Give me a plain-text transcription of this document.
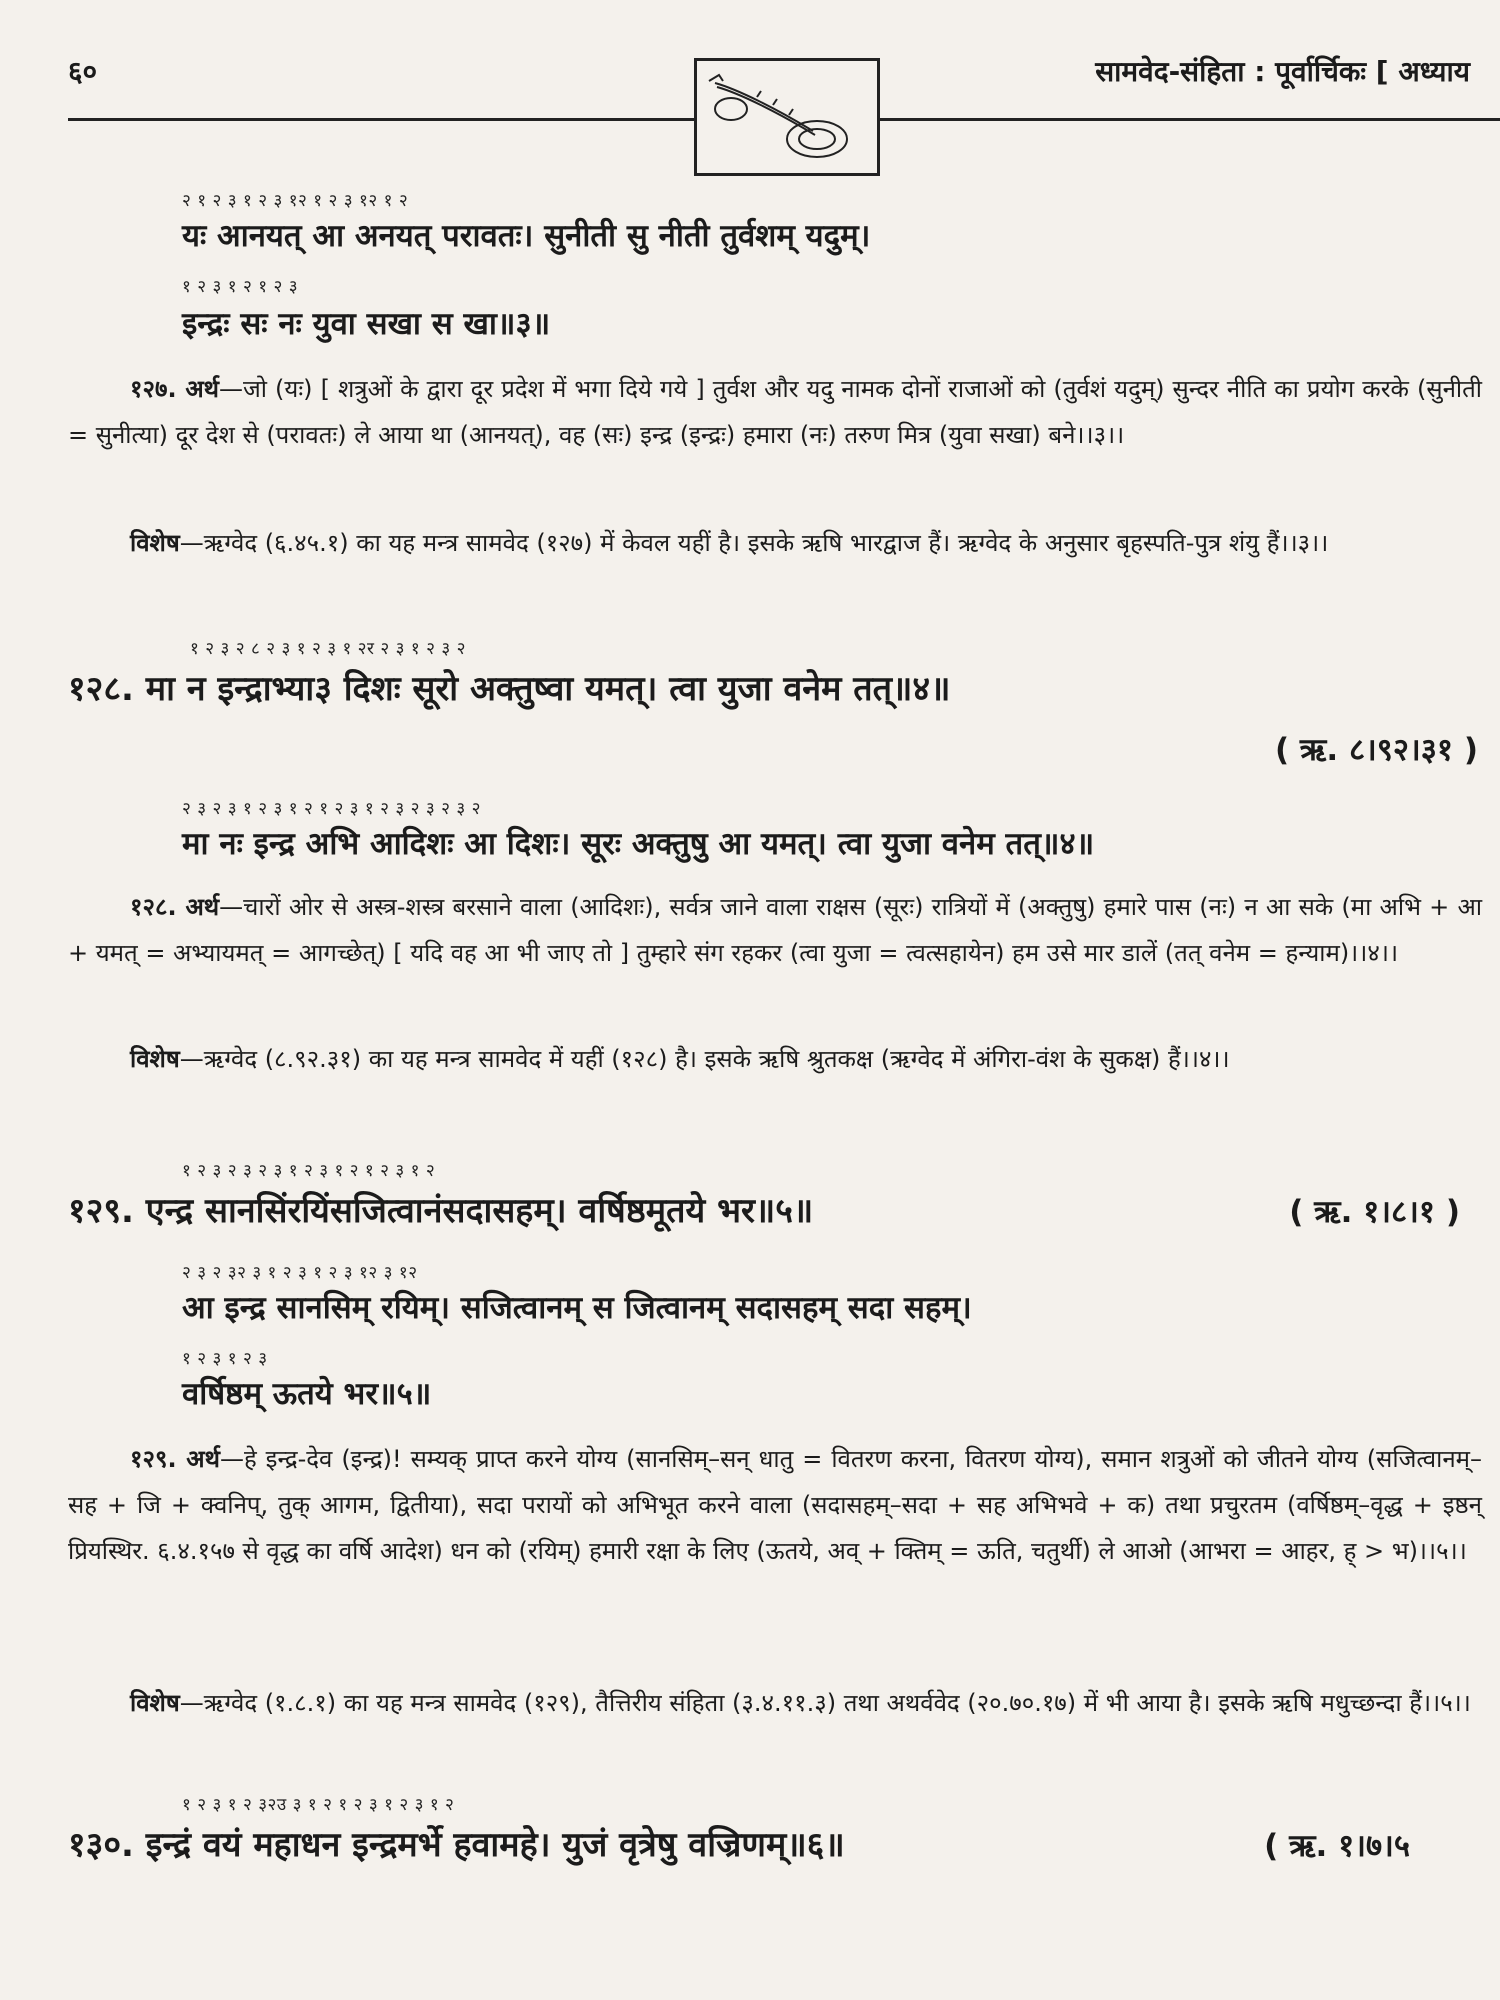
६०	सामवेद-संहिता : पूर्वार्चिकः [ अध्याय
२ १ २ ३ १ २ ३ १२ १ २ ३ १२ १ २
यः आनयत् आ अनयत् परावतः। सुनीती सु नीती तुर्वशम् यदुम्।
१ २ ३ १ २ १ २ ३
इन्द्रः सः नः युवा सखा स खा॥३॥
१२७. अर्थ—जो (यः) [ शत्रुओं के द्वारा दूर प्रदेश में भगा दिये गये ] तुर्वश और यदु नामक दोनों राजाओं को (तुर्वशं यदुम्) सुन्दर नीति का प्रयोग करके (सुनीती = सुनीत्या) दूर देश से (परावतः) ले आया था (आनयत्), वह (सः) इन्द्र (इन्द्रः) हमारा (नः) तरुण मित्र (युवा सखा) बने।।३।।
विशेष—ऋग्वेद (६.४५.१) का यह मन्त्र सामवेद (१२७) में केवल यहीं है। इसके ऋषि भारद्वाज हैं। ऋग्वेद के अनुसार बृहस्पति-पुत्र शंयु हैं।।३।।
१ २ ३ २ ८ २ ३ १ २ ३ १ २र २ ३ १ २ ३ २
१२८. मा न इन्द्राभ्या३ दिशः सूरो अक्तुष्वा यमत्। त्वा युजा वनेम तत्॥४॥
( ऋ. ८।९२।३१ )
२ ३ २ ३ १ २ ३ १ २ १ २ ३ १ २ ३ २ ३ २ ३ २
मा नः इन्द्र अभि आदिशः आ दिशः। सूरः अक्तुषु आ यमत्। त्वा युजा वनेम तत्॥४॥
१२८. अर्थ—चारों ओर से अस्त्र-शस्त्र बरसाने वाला (आदिशः), सर्वत्र जाने वाला राक्षस (सूरः) रात्रियों में (अक्तुषु) हमारे पास (नः) न आ सके (मा अभि + आ + यमत् = अभ्यायमत् = आगच्छेत्) [ यदि वह आ भी जाए तो ] तुम्हारे संग रहकर (त्वा युजा = त्वत्सहायेन) हम उसे मार डालें (तत् वनेम = हन्याम)।।४।।
विशेष—ऋग्वेद (८.९२.३१) का यह मन्त्र सामवेद में यहीं (१२८) है। इसके ऋषि श्रुतकक्ष (ऋग्वेद में अंगिरा-वंश के सुकक्ष) हैं।।४।।
१ २ ३ २ ३ २ ३ १ २ ३ १ २ १ २ ३ १ २
१२९. एन्द्र सानसिंरयिंसजित्वानंसदासहम्। वर्षिष्ठमूतये भर॥५॥	( ऋ. १।८।१ )
२ ३ २ ३२ ३ १ २ ३ १ २ ३ १२ ३ १२
आ इन्द्र सानसिम् रयिम्। सजित्वानम् स जित्वानम् सदासहम् सदा सहम्।
१ २ ३ १ २ ३
वर्षिष्ठम् ऊतये भर॥५॥
१२९. अर्थ—हे इन्द्र-देव (इन्द्र)! सम्यक् प्राप्त करने योग्य (सानसिम्–सन् धातु = वितरण करना, वितरण योग्य), समान शत्रुओं को जीतने योग्य (सजित्वानम्–सह + जि + क्वनिप्, तुक् आगम, द्वितीया), सदा परायों को अभिभूत करने वाला (सदासहम्–सदा + सह अभिभवे + क) तथा प्रचुरतम (वर्षिष्ठम्–वृद्ध + इष्ठन् प्रियस्थिर. ६.४.१५७ से वृद्ध का वर्षि आदेश) धन को (रयिम्) हमारी रक्षा के लिए (ऊतये, अव् + क्तिम् = ऊति, चतुर्थी) ले आओ (आभरा = आहर, ह् > भ)।।५।।
विशेष—ऋग्वेद (१.८.१) का यह मन्त्र सामवेद (१२९), तैत्तिरीय संहिता (३.४.११.३) तथा अथर्ववेद (२०.७०.१७) में भी आया है। इसके ऋषि मधुच्छन्दा हैं।।५।।
१ २ ३ १ २ ३२उ ३ १ २ १ २ ३ १ २ ३ १ २
१३०. इन्द्रं वयं महाधन इन्द्रमर्भे हवामहे। युजं वृत्रेषु वज्रिणम्॥६॥	( ऋ. १।७।५
